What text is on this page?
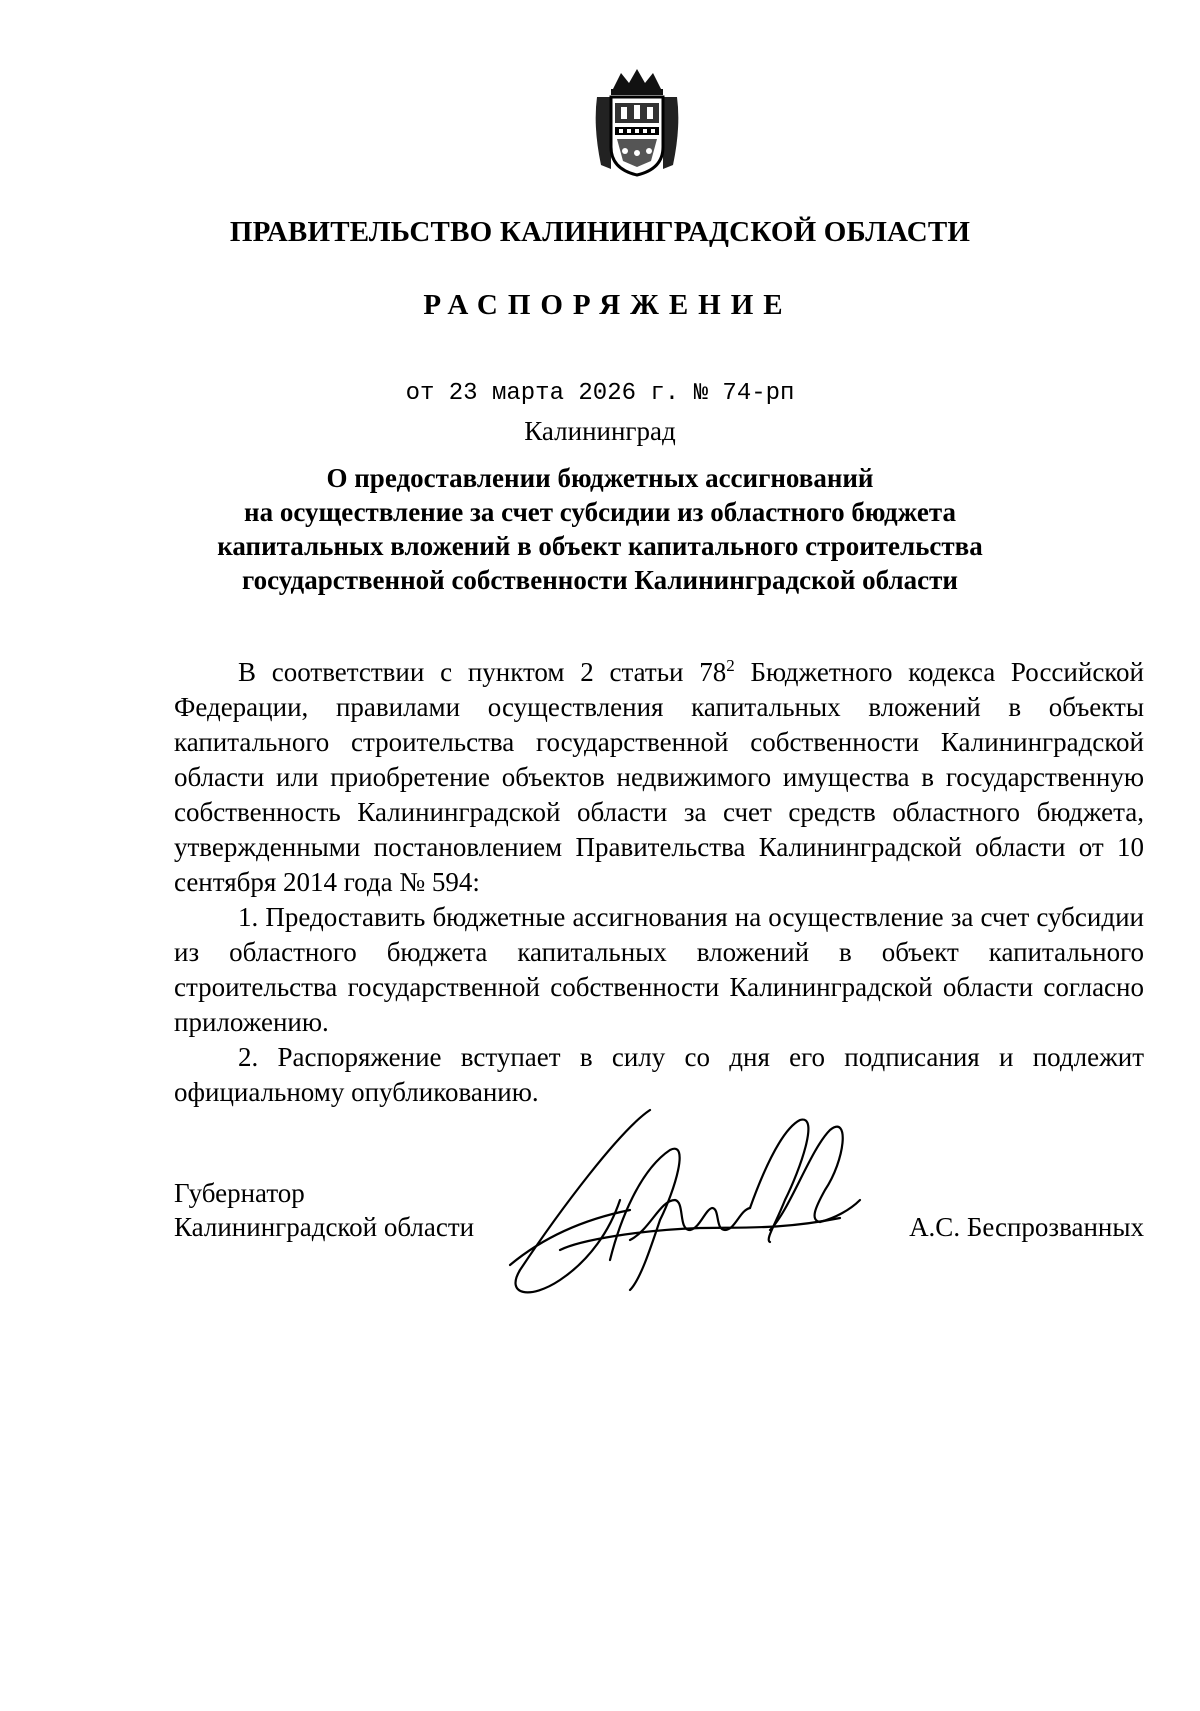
ПРАВИТЕЛЬСТВО КАЛИНИНГРАДСКОЙ ОБЛАСТИ
РАСПОРЯЖЕНИЕ
от 23 марта 2026 г. № 74-рп
Калининград
О предоставлении бюджетных ассигнований
на осуществление за счет субсидии из областного бюджета
капитальных вложений в объект капитального строительства
государственной собственности Калининградской области

В соответствии с пунктом 2 статьи $78^2$ Бюджетного кодекса Российской Федерации, правилами осуществления капитальных вложений в объекты капитального строительства государственной собственности Калининградской области или приобретение объектов недвижимого имущества в государственную собственность Калининградской области за счет средств областного бюджета, утвержденными постановлением Правительства Калининградской области от 10 сентября 2014 года № 594:

1. Предоставить бюджетные ассигнования на осуществление за счет субсидии из областного бюджета капитальных вложений в объект капитального строительства государственной собственности Калининградской области согласно приложению.

2. Распоряжение вступает в силу со дня его подписания и подлежит официальному опубликованию.

Губернатор
Калининградской области	А.С. Беспрозванных
